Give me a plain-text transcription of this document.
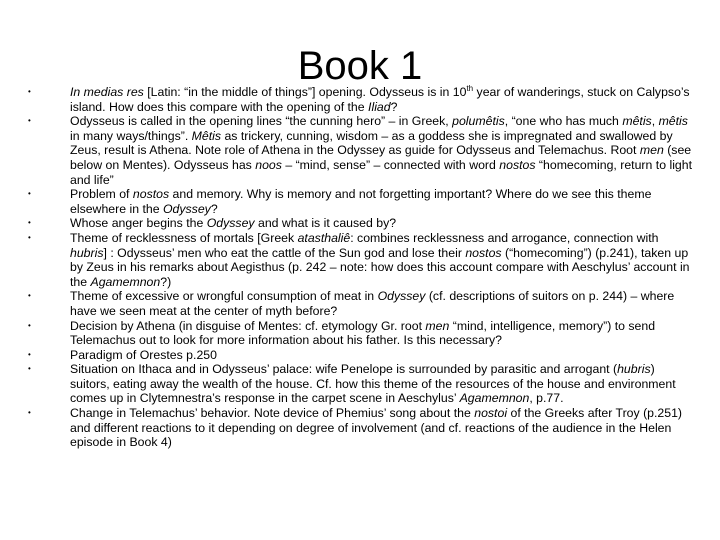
Book 1
•	In medias res [Latin: “in the middle of things”] opening. Odysseus is in 10th year of wanderings, stuck on Calypso’s island. How does this compare with the opening of the Iliad?
•	Odysseus is called in the opening lines “the cunning hero” – in Greek, polumêtis, “one who has much mêtis, mêtis in many ways/things”. Mêtis as trickery, cunning, wisdom – as a goddess she is impregnated and swallowed by Zeus, result is Athena. Note role of Athena in the Odyssey as guide for Odysseus and Telemachus. Root men (see below on Mentes). Odysseus has noos – “mind, sense” – connected with word nostos “homecoming, return to light and life”
•	Problem of nostos and memory. Why is memory and not forgetting important? Where do we see this theme elsewhere in the Odyssey?
•	Whose anger begins the Odyssey and what is it caused by?
•	Theme of recklessness of mortals [Greek atasthaliê: combines recklessness and arrogance, connection with hubris] : Odysseus’ men who eat the cattle of the Sun god and lose their nostos (“homecoming”) (p.241), taken up by Zeus in his remarks about Aegisthus (p. 242 – note: how does this account compare with Aeschylus’ account in the Agamemnon?)
•	Theme of excessive or wrongful consumption of meat in Odyssey (cf. descriptions of suitors on p. 244) – where have we seen meat at the center of myth before?
•	Decision by Athena (in disguise of Mentes: cf. etymology Gr. root men “mind, intelligence, memory”) to send Telemachus out to look for more information about his father. Is this necessary?
•	Paradigm of Orestes p.250
•	Situation on Ithaca and in Odysseus’ palace: wife Penelope is surrounded by parasitic and arrogant (hubris) suitors, eating away the wealth of the house. Cf. how this theme of the resources of the house and environment comes up in Clytemnestra’s response in the carpet scene in Aeschylus’ Agamemnon, p.77.
•	Change in Telemachus’ behavior. Note device of Phemius’ song about the nostoi of the Greeks after Troy (p.251) and different reactions to it depending on degree of involvement (and cf. reactions of the audience in the Helen episode in Book 4)
